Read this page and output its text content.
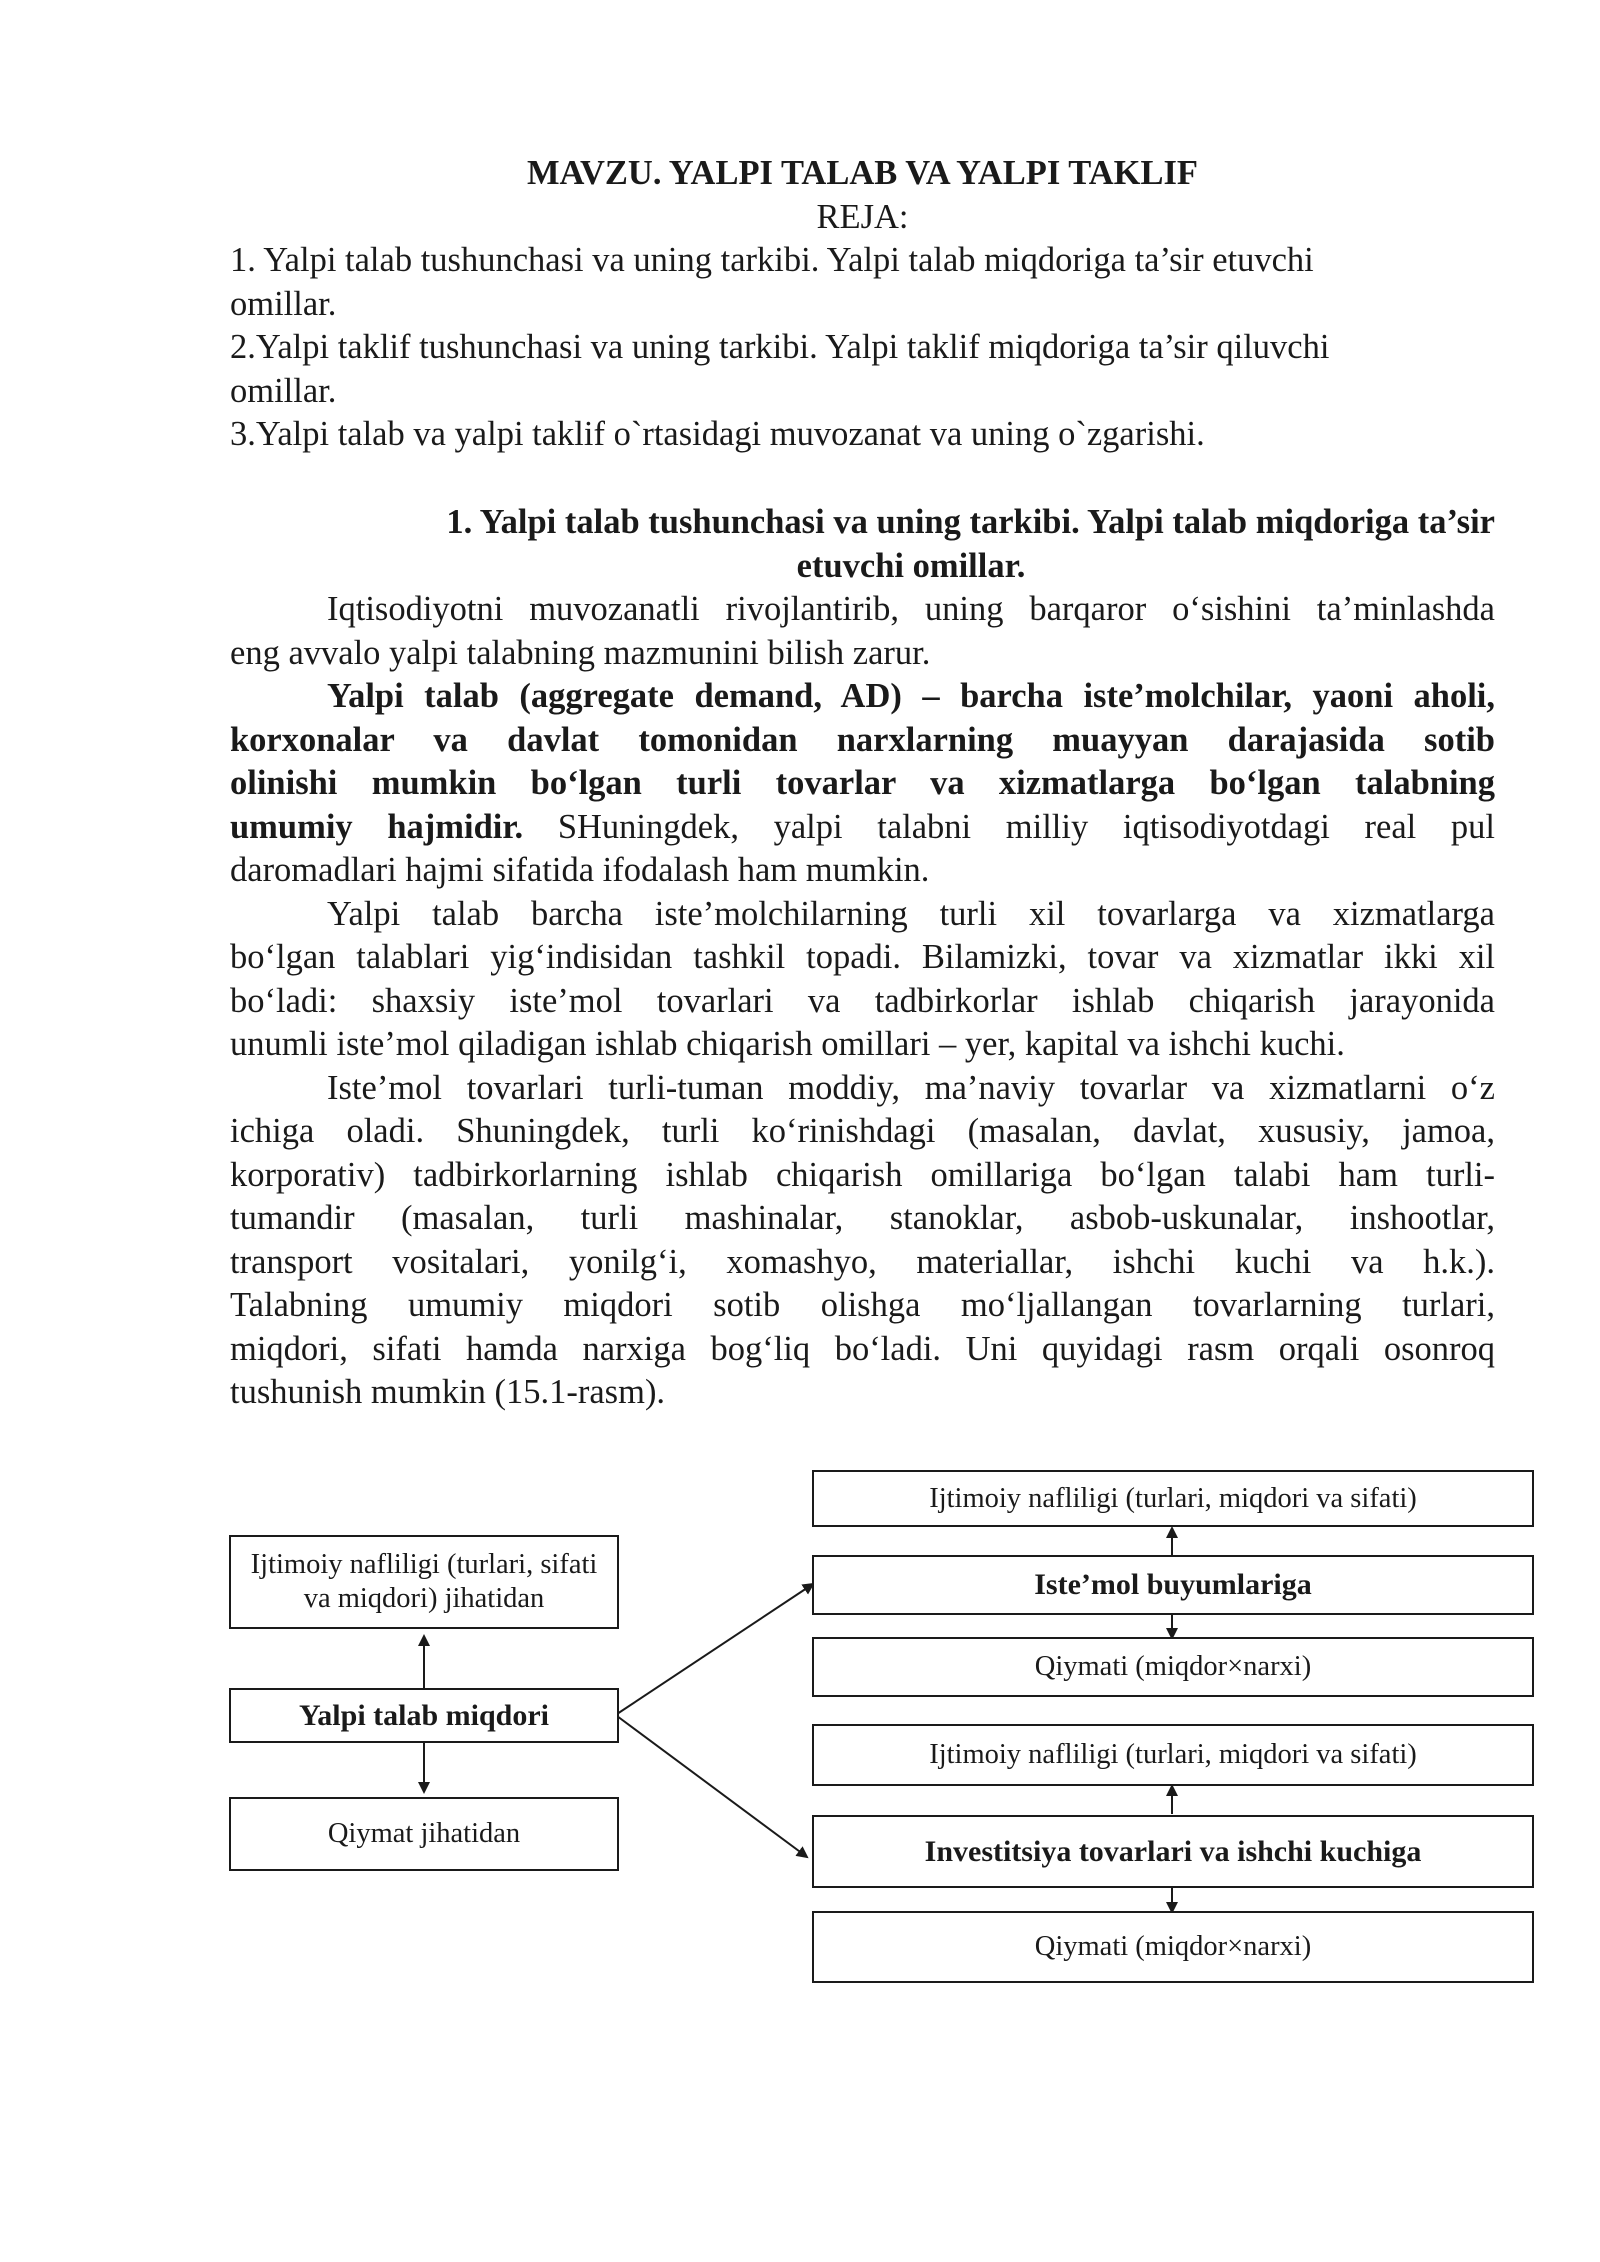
MAVZU. YALPI TALAB VA YALPI TAKLIF
REJA:
1. Yalpi talab tushunchasi va uning tarkibi. Yalpi talab miqdoriga ta’sir etuvchi
omillar.
2.Yalpi taklif tushunchasi va uning tarkibi. Yalpi taklif miqdoriga ta’sir qiluvchi
omillar.
3.Yalpi talab va yalpi taklif o`rtasidagi muvozanat va uning o`zgarishi.
1. Yalpi talab tushunchasi va uning tarkibi. Yalpi talab miqdoriga ta’sir
etuvchi omillar.
Iqtisodiyotni muvozanatli rivojlantirib, uning barqaror o‘sishini ta’minlashda
eng avvalo yalpi talabning mazmunini bilish zarur.
Yalpi talab (aggregate demand, AD) – barcha iste’molchilar, yaoni aholi,
korxonalar va davlat tomonidan narxlarning muayyan darajasida sotib
olinishi mumkin bo‘lgan turli tovarlar va xizmatlarga bo‘lgan talabning
umumiy hajmidir. SHuningdek, yalpi talabni milliy iqtisodiyotdagi real pul
daromadlari hajmi sifatida ifodalash ham mumkin.
Yalpi talab barcha iste’molchilarning turli xil tovarlarga va xizmatlarga
bo‘lgan talablari yig‘indisidan tashkil topadi. Bilamizki, tovar va xizmatlar ikki xil
bo‘ladi: shaxsiy iste’mol tovarlari va tadbirkorlar ishlab chiqarish jarayonida
unumli iste’mol qiladigan ishlab chiqarish omillari – yer, kapital va ishchi kuchi.
Iste’mol tovarlari turli-tuman moddiy, ma’naviy tovarlar va xizmatlarni o‘z
ichiga oladi. Shuningdek, turli ko‘rinishdagi (masalan, davlat, xususiy, jamoa,
korporativ) tadbirkorlarning ishlab chiqarish omillariga bo‘lgan talabi ham turli-
tumandir (masalan, turli mashinalar, stanoklar, asbob-uskunalar, inshootlar,
transport vositalari, yonilg‘i, xomashyo, materiallar, ishchi kuchi va h.k.).
Talabning umumiy miqdori sotib olishga mo‘ljallangan tovarlarning turlari,
miqdori, sifati hamda narxiga bog‘liq bo‘ladi. Uni quyidagi rasm orqali osonroq
tushunish mumkin (15.1-rasm).
Ijtimoiy nafliligi (turlari, sifati va miqdori) jihatidan
Yalpi talab miqdori
Qiymat jihatidan
Ijtimoiy nafliligi (turlari, miqdori va sifati)
Iste’mol buyumlariga
Qiymati (miqdor×narxi)
Ijtimoiy nafliligi (turlari, miqdori va sifati)
Investitsiya tovarlari va ishchi kuchiga
Qiymati (miqdor×narxi)
